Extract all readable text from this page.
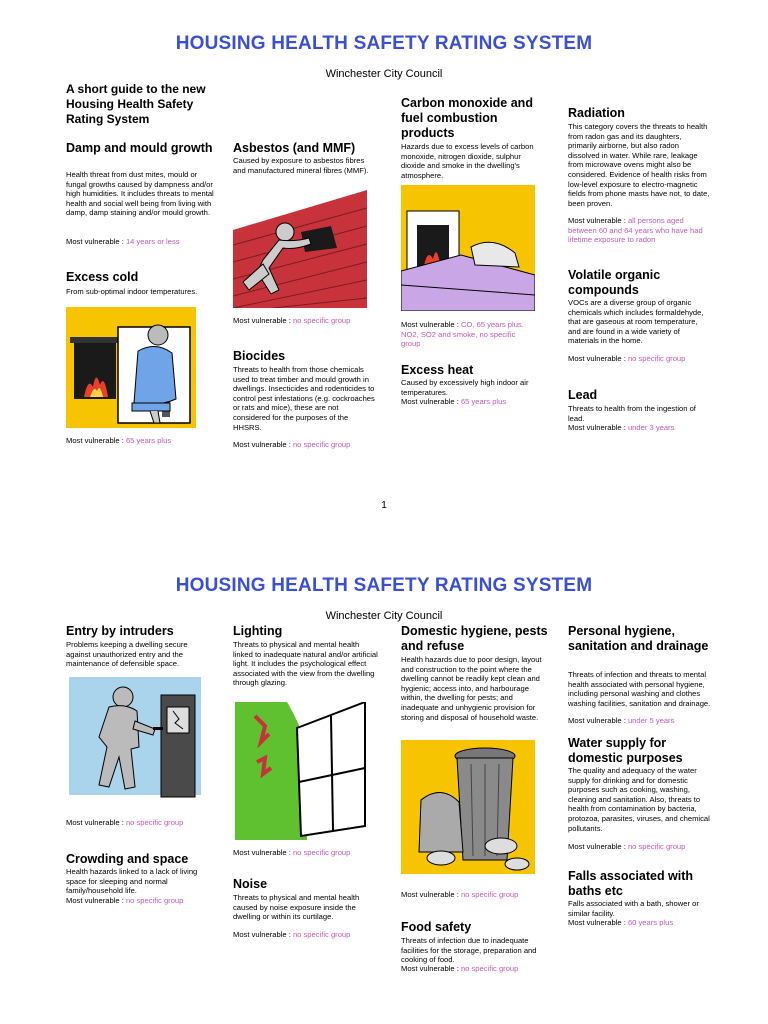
HOUSING HEALTH SAFETY RATING SYSTEM
Winchester City Council
A short guide to the new Housing Health Safety Rating System
Damp and mould growth
Health threat from dust mites, mould or fungal growths caused by dampness and/or high humidities. It includes threats to mental health and social well being from living with damp, damp staining and/or mould growth.
Most vulnerable : 14 years or less
Excess cold
From sub-optimal indoor temperatures.
Most vulnerable : 65 years plus
Asbestos (and MMF)
Caused by exposure to asbestos fibres and manufactured mineral fibres (MMF).
Most vulnerable : no specific group
Biocides
Threats to health from those chemicals used to treat timber and mould growth in dwellings. Insecticides and rodenticides to control pest infestations (e.g. cockroaches or rats and mice), these are not considered for the purposes of the HHSRS.
Most vulnerable : no specific group
Carbon monoxide and fuel combustion products
Hazards due to excess levels of carbon monoxide, nitrogen dioxide, sulphur dioxide and smoke in the dwelling's atmosphere.
Most vulnerable : CO, 65 years plus. NO2, SO2 and smoke, no specific group
Excess heat
Caused by excessively high indoor air temperatures.
Most vulnerable : 65 years plus
Radiation
This category covers the threats to health from radon gas and its daughters, primarily airborne, but also radon dissolved in water. While rare, leakage from microwave ovens might also be considered. Evidence of health risks from low-level exposure to electro-magnetic fields from phone masts have not, to date, been proven.
Most vulnerable : all persons aged between 60 and 64 years who have had lifetime exposure to radon
Volatile organic compounds
VOCs are a diverse group of organic chemicals which includes formaldehyde, that are gaseous at room temperature, and are found in a wide variety of materials in the home.
Most vulnerable : no specific group
Lead
Threats to health from the ingestion of lead.
Most vulnerable : under 3 years
1
HOUSING HEALTH SAFETY RATING SYSTEM
Winchester City Council
Entry by intruders
Problems keeping a dwelling secure against unauthorized entry and the maintenance of defensible space.
Most vulnerable : no specific group
Crowding and space
Health hazards linked to a lack of living space for sleeping and normal family/household life.
Most vulnerable : no specific group
Lighting
Threats to physical and mental health linked to inadequate natural and/or artificial light. It includes the psychological effect associated with the view from the dwelling through glazing.
Most vulnerable : no specific group
Noise
Threats to physical and mental health caused by noise exposure inside the dwelling or within its curtilage.
Most vulnerable : no specific group
Domestic hygiene, pests and refuse
Health hazards due to poor design, layout and construction to the point where the dwelling cannot be readily kept clean and hygienic; access into, and harbourage within, the dwelling for pests; and inadequate and unhygienic provision for storing and disposal of household waste.
Most vulnerable : no specific group
Food safety
Threats of infection due to inadequate facilities for the storage, preparation and cooking of food.
Most vulnerable : no specific group
Personal hygiene, sanitation and drainage
Threats of infection and threats to mental health associated with personal hygiene, including personal washing and clothes washing facilities, sanitation and drainage.
Most vulnerable : under 5 years
Water supply for domestic purposes
The quality and adequacy of the water supply for drinking and for domestic purposes such as cooking, washing, cleaning and sanitation. Also, threats to health from contamination by bacteria, protozoa, parasites, viruses, and chemical pollutants.
Most vulnerable : no specific group
Falls associated with baths etc
Falls associated with a bath, shower or similar facility.
Most vulnerable : 60 years plus
